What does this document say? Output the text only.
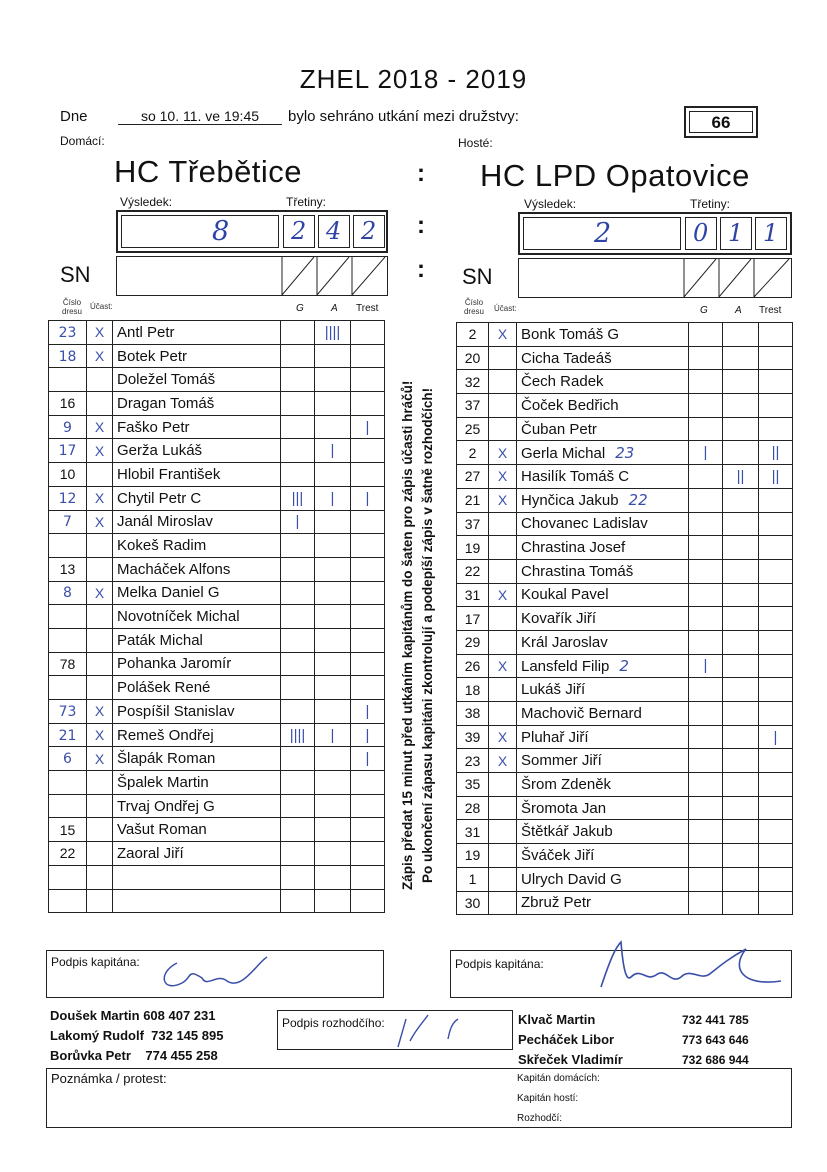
ZHEL 2018 - 2019
Dne	so 10. 11. ve 19:45	bylo sehráno utkání mezi družstvy:	66
Domácí:	Hosté:
HC Třebětice	HC LPD Opatovice
:
Výsledek:	Třetiny:
8	2 4 2 :
Výsledek:	Třetiny:
2	0 1 1
SN	: SN
Číslo dresu
Účast:	G	A Trest
Číslo dresu	Účast:	G	A Trest
23	X	Antl Petr		||||	
18	X	Botek Petr			
		Doležel Tomáš			
16		Dragan Tomáš			
9	X	Faško Petr			|
17	X	Gerža Lukáš		|	
10		Hlobil František			
12	X	Chytil Petr C	|||	|	|
7	X	Janál Miroslav	|		
		Kokeš Radim			
13		Macháček Alfons			
8	X	Melka Daniel G			
		Novotníček Michal			
		Paták Michal			
78		Pohanka Jaromír			
		Polášek René			
73	X	Pospíšil Stanislav			|
21	X	Remeš Ondřej	||||	|	|
6	X	Šlapák Roman			|
		Špalek Martin			
		Trvaj Ondřej G			
15		Vašut Roman			
22		Zaoral Jiří			

2	X	Bonk Tomáš G			
20		Cicha Tadeáš			
32		Čech Radek			
37		Čoček Bedřich			
25		Čuban Petr			
2	X	Gerla Michal 23	|		||
27	X	Hasilík Tomáš C		||	||
21	X	Hynčica Jakub 22			
37		Chovanec Ladislav			
19		Chrastina Josef			
22		Chrastina Tomáš			
31	X	Koukal Pavel			
17		Kovařík Jiří			
29		Král Jaroslav			
26	X	Lansfeld Filip 2	|		
18		Lukáš Jiří			
38		Machovič Bernard			
39	X	Pluhař Jiří			|
23	X	Sommer Jiří			
35		Šrom Zdeněk			
28		Šromota Jan			
31		Štětkář Jakub			
19		Šváček Jiří			
1		Ulrych David G			
30		Zbruž Petr			
Zápis předat 15 minut před utkáním kapitánům do šaten pro zápis účasti hráčů! Po ukončení zápasu kapitáni zkontrolují a podepíší zápis v šatně rozhodčích!
Podpis kapitána:	Podpis kapitána:
Doušek Martin 608 407 231
Lakomý Rudolf 732 145 895
Borůvka Petr 774 455 258
Podpis rozhodčího:	Klvač Martin	732 441 785
Pecháček Libor	773 643 646
Skřeček Vladimír	732 686 944
Poznámka / protest:	Kapitán domácích:
Kapitán hostí:
Rozhodčí:
